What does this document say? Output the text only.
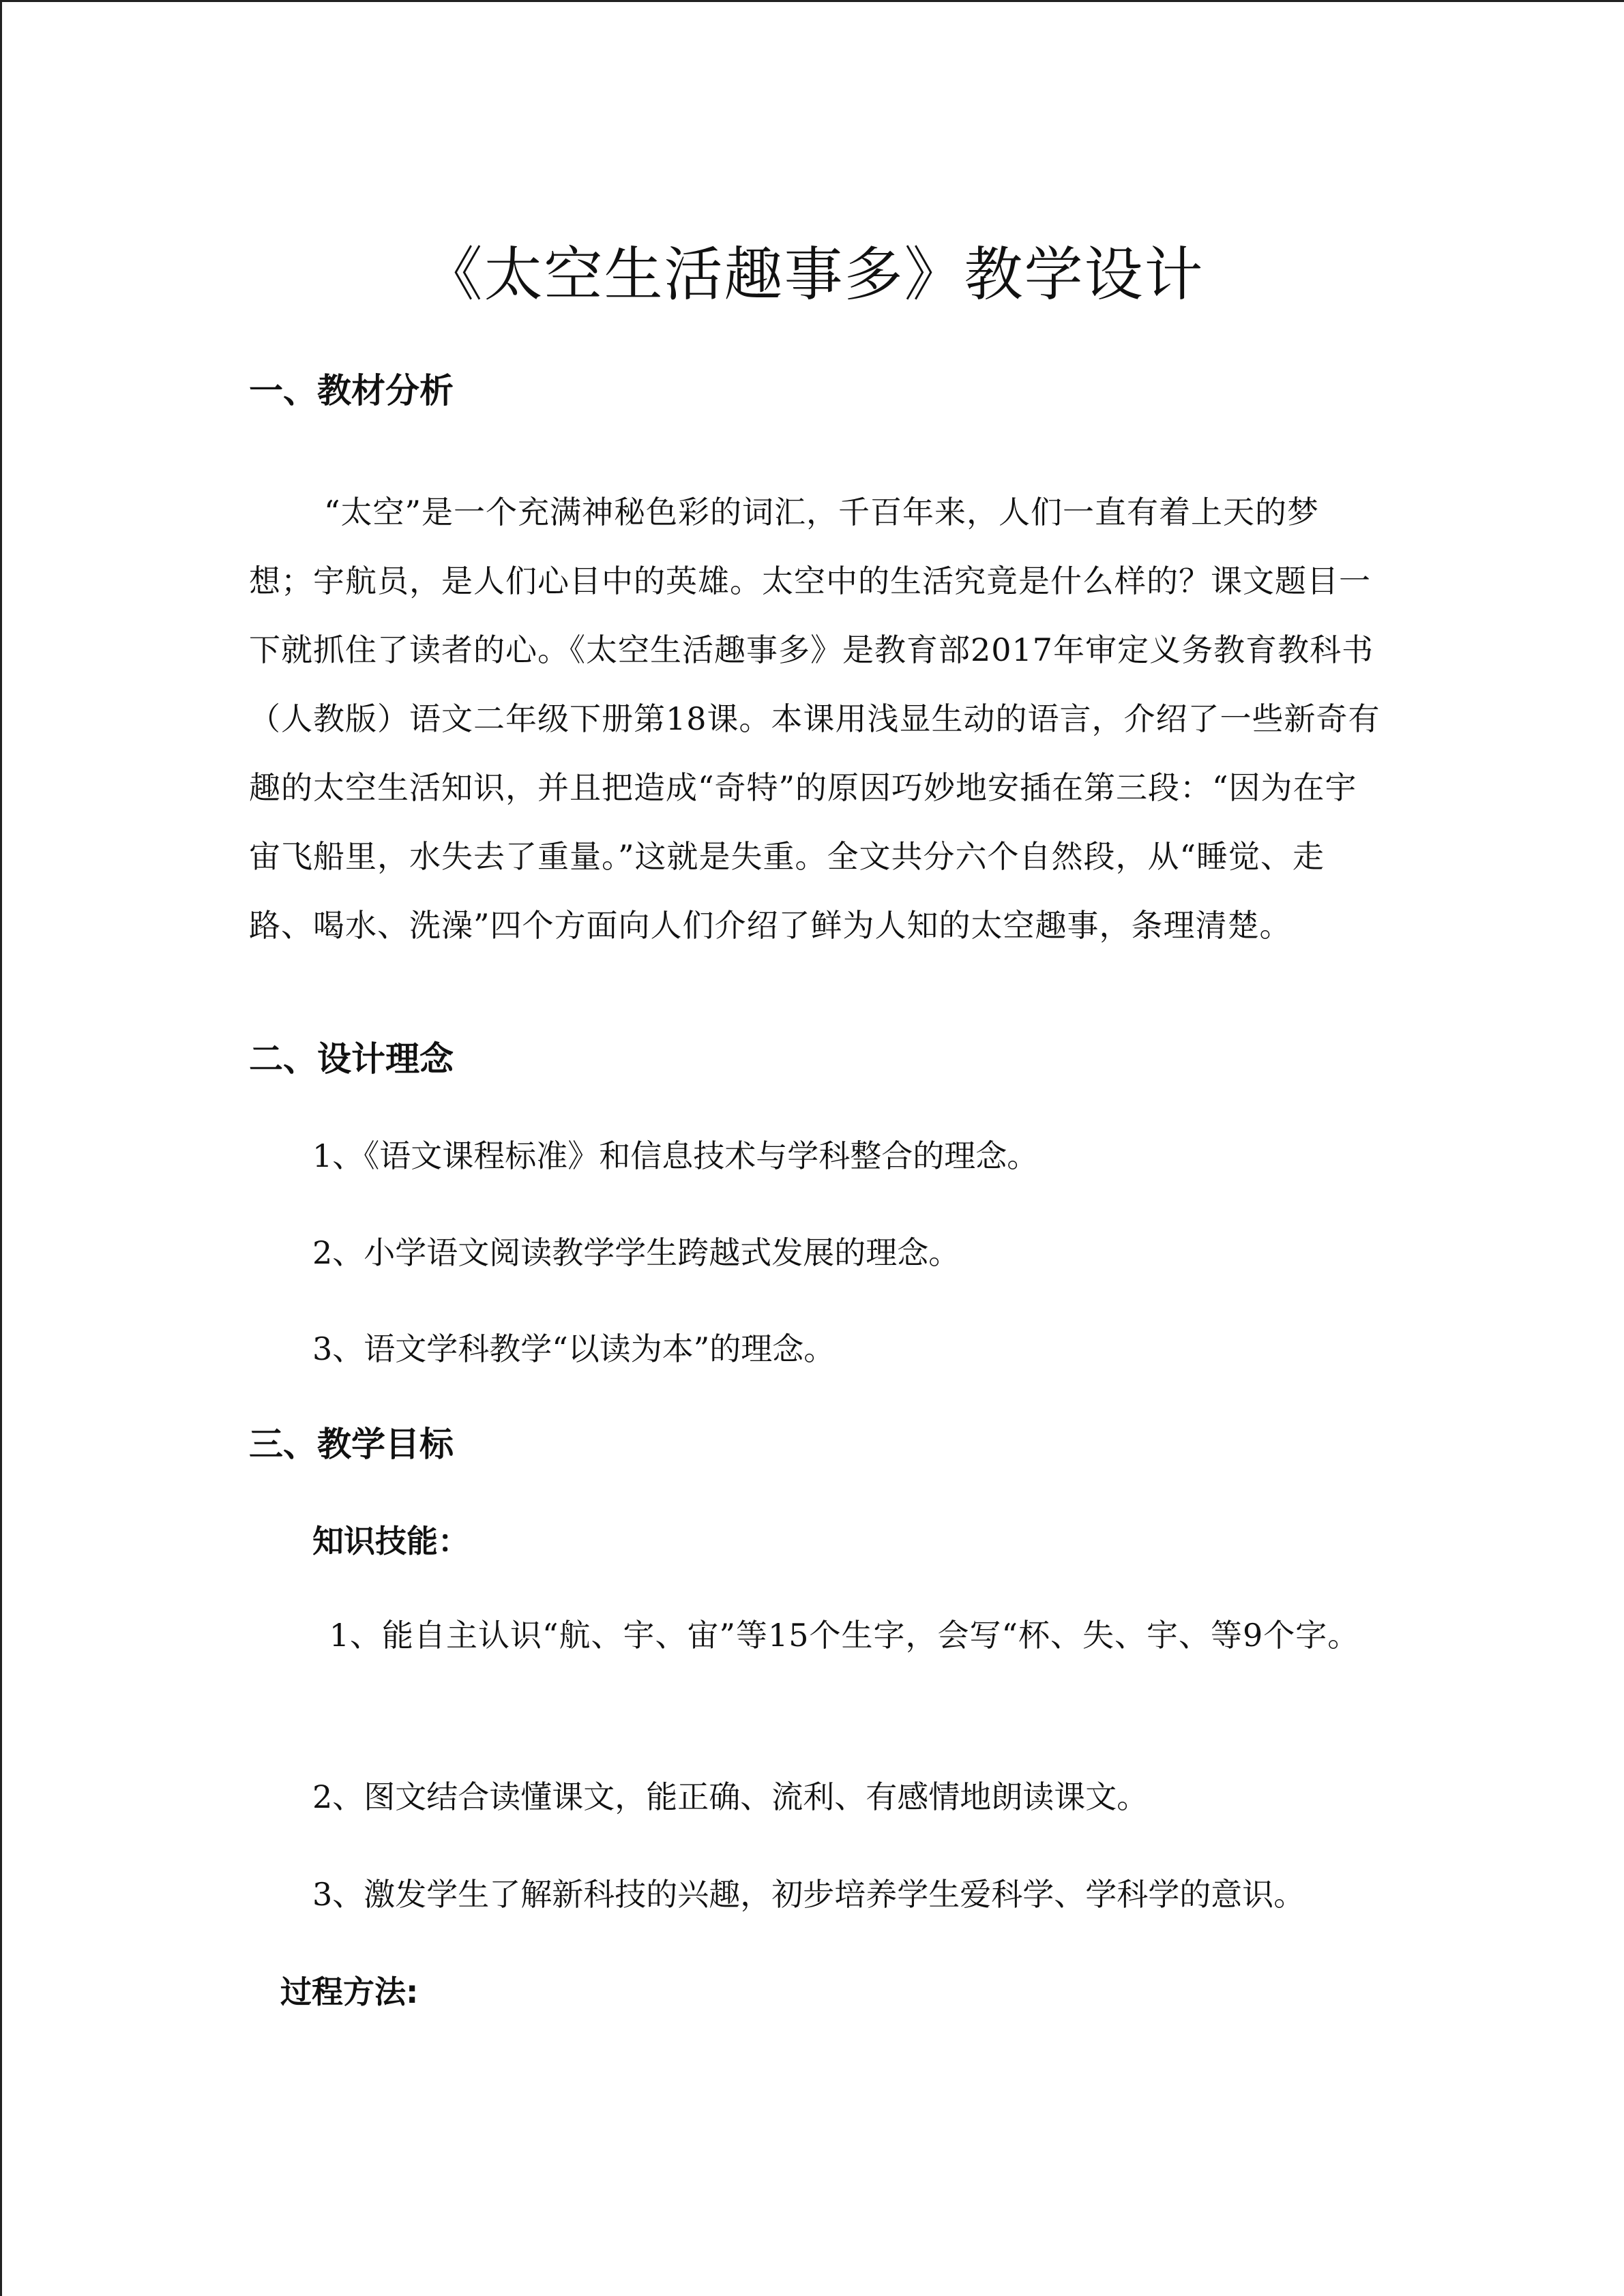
《太空生活趣事多》教学设计
一、教材分析

“太空”是一个充满神秘色彩的词汇，千百年来，人们一直有着上天的梦想；宇航员，是人们心目中的英雄。太空中的生活究竟是什么样的？课文题目一下就抓住了读者的心。《太空生活趣事多》是教育部2017年审定义务教育教科书（人教版）语文二年级下册第18课。本课用浅显生动的语言，介绍了一些新奇有趣的太空生活知识，并且把造成“奇特”的原因巧妙地安插在第三段：“因为在宇宙飞船里，水失去了重量。”这就是失重。全文共分六个自然段，从“睡觉、走路、喝水、洗澡”四个方面向人们介绍了鲜为人知的太空趣事，条理清楚。

二、设计理念
1、《语文课程标准》和信息技术与学科整合的理念。
2、小学语文阅读教学学生跨越式发展的理念。
3、语文学科教学“以读为本”的理念。
三、教学目标
知识技能：
1、能自主认识“航、宇、宙”等15个生字，会写“杯、失、宇、等9个字。
2、图文结合读懂课文，能正确、流利、有感情地朗读课文。
3、激发学生了解新科技的兴趣，初步培养学生爱科学、学科学的意识。
过程方法:
